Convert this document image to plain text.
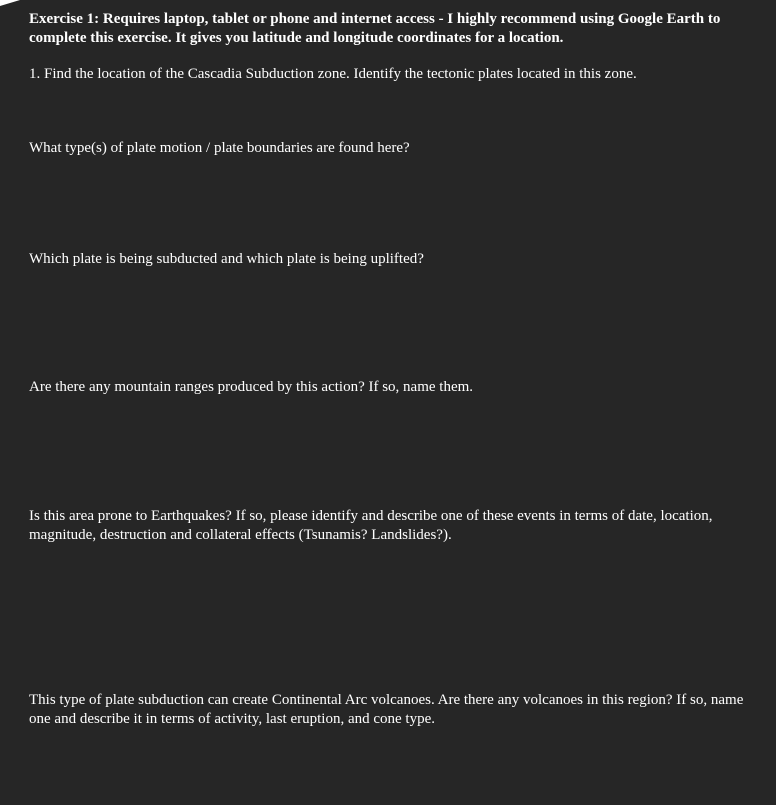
Exercise 1: Requires laptop, tablet or phone and internet access - I highly recommend using Google Earth to complete this exercise. It gives you latitude and longitude coordinates for a location.

1. Find the location of the Cascadia Subduction zone. Identify the tectonic plates located in this zone.

What type(s) of plate motion / plate boundaries are found here?

Which plate is being subducted and which plate is being uplifted?

Are there any mountain ranges produced by this action? If so, name them.

Is this area prone to Earthquakes? If so, please identify and describe one of these events in terms of date, location, magnitude, destruction and collateral effects (Tsunamis? Landslides?).

This type of plate subduction can create Continental Arc volcanoes. Are there any volcanoes in this region? If so, name one and describe it in terms of activity, last eruption, and cone type.
